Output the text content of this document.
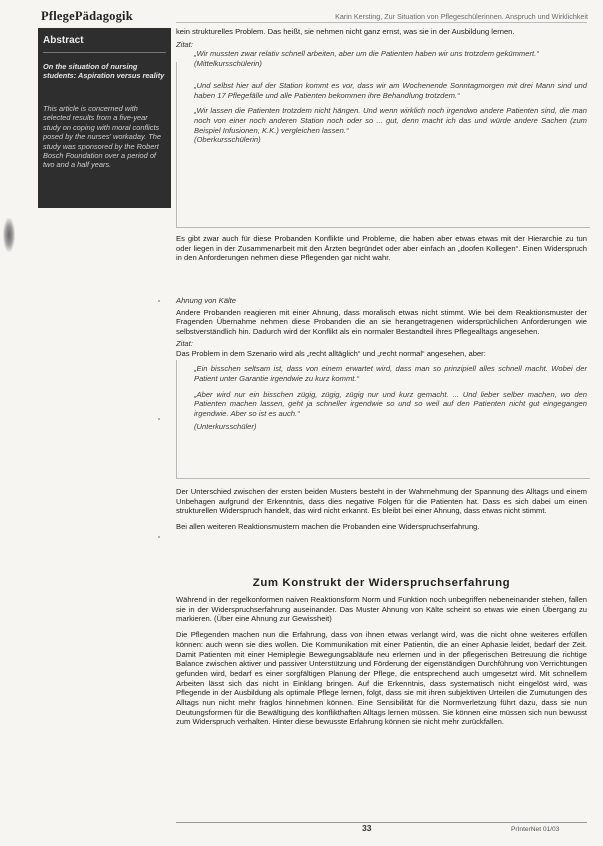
PflegePädagogik	Karin Kersting, Zur Situation von Pflegeschülerinnen. Anspruch und Wirklichkeit
Abstract
On the situation of nursing students: Aspiration versus reality
This article is concerned with selected results from a five-year study on coping with moral conflicts posed by the nurses' workaday. The study was sponsored by the Robert Bosch Foundation over a period of two and a half years.

kein strukturelles Problem. Das heißt, sie nehmen nicht ganz ernst, was sie in der Ausbildung lernen.

Zitat:

„Wir mussten zwar relativ schnell arbeiten, aber um die Patienten haben wir uns trotzdem gekümmert.“

(Mittelkursschülerin)

„Und selbst hier auf der Station kommt es vor, dass wir am Wochenende Sonntagmorgen mit drei Mann sind und haben 17 Pflegefälle und alle Patienten bekommen ihre Behandlung trotzdem.“

„Wir lassen die Patienten trotzdem nicht hängen. Und wenn wirklich noch irgendwo andere Patienten sind, die man noch von einer noch anderen Station noch oder so ... gut, denn macht ich das und würde andere Sachen (zum Beispiel Infusionen, K.K.) vergleichen lassen.“

(Oberkursschülerin)

Es gibt zwar auch für diese Probanden Konflikte und Probleme, die haben aber etwas etwas mit der Hierarchie zu tun oder liegen in der Zusammenarbeit mit den Ärzten begründet oder aber einfach an „doofen Kollegen“. Einen Widerspruch in den Anforderungen nehmen diese Pflegenden gar nicht wahr.

Ahnung von Kälte

Andere Probanden reagieren mit einer Ahnung, dass moralisch etwas nicht stimmt. Wie bei dem Reaktionsmuster der Fragenden Übernahme nehmen diese Probanden die an sie herangetragenen widersprüchlichen Anforderungen wie selbstverständlich hin. Dadurch wird der Konflikt als ein normaler Bestandteil ihres Pflegealltags angesehen.

Zitat:

Das Problem in dem Szenario wird als „recht alltäglich“ und „recht normal“ angesehen, aber:

„Ein bisschen seltsam ist, dass von einem erwartet wird, dass man so prinzipiell alles schnell macht. Wobei der Patient unter Garantie irgendwie zu kurz kommt.“

„Aber wird nur ein bisschen zügig, zügig, zügig nur und kurz gemacht. ... Und lieber selber machen, wo den Patienten machen lassen, geht ja schneller irgendwie so und so weil auf den Patienten nicht gut eingegangen irgendwie. Aber so ist es auch.“

(Unterkursschüler)

Der Unterschied zwischen der ersten beiden Musters besteht in der Wahrnehmung der Spannung des Alltags und einem Unbehagen aufgrund der Erkenntnis, dass dies negative Folgen für die Patienten hat. Dass es sich dabei um einen strukturellen Widerspruch handelt, das wird nicht erkannt. Es bleibt bei einer Ahnung, dass etwas nicht stimmt.

Bei allen weiteren Reaktionsmustern machen die Probanden eine Widerspruchserfahrung.

Zum Konstrukt der Widerspruchserfahrung

Während in der regelkonformen naiven Reaktionsform Norm und Funktion noch unbegriffen nebeneinander stehen, fallen sie in der Widerspruchserfahrung auseinander. Das Muster Ahnung von Kälte scheint so etwas wie einen Übergang zu markieren. (Über eine Ahnung zur Gewissheit)

Die Pflegenden machen nun die Erfahrung, dass von ihnen etwas verlangt wird, was die nicht ohne weiteres erfüllen können: auch wenn sie dies wollen. Die Kommunikation mit einer Patientin, die an einer Aphasie leidet, bedarf der Zeit. Damit Patienten mit einer Hemiplegie Bewegungsabläufe neu erlernen und in der pflegerischen Betreuung die richtige Balance zwischen aktiver und passiver Unterstützung und Förderung der eigenständigen Durchführung von Verrichtungen gefunden wird, bedarf es einer sorgfältigen Planung der Pflege, die entsprechend auch umgesetzt wird. Mit schnellem Arbeiten lässt sich das nicht in Einklang bringen. Auf die Erkenntnis, dass systematisch nicht eingelöst wird, was Pflegende in der Ausbildung als optimale Pflege lernen, folgt, dass sie mit ihren subjektiven Urteilen die Zumutungen des Alltags nun nicht mehr fraglos hinnehmen können. Eine Sensibilität für die Normverletzung führt dazu, dass sie nun Deutungsformen für die Bewältigung des konflikthaften Alltags lernen müssen. Sie können eine müssen sich nun bewusst zum Widerspruch verhalten. Hinter diese bewusste Erfahrung können sie nicht mehr zurückfallen.

33	PrInterNet 01/03
